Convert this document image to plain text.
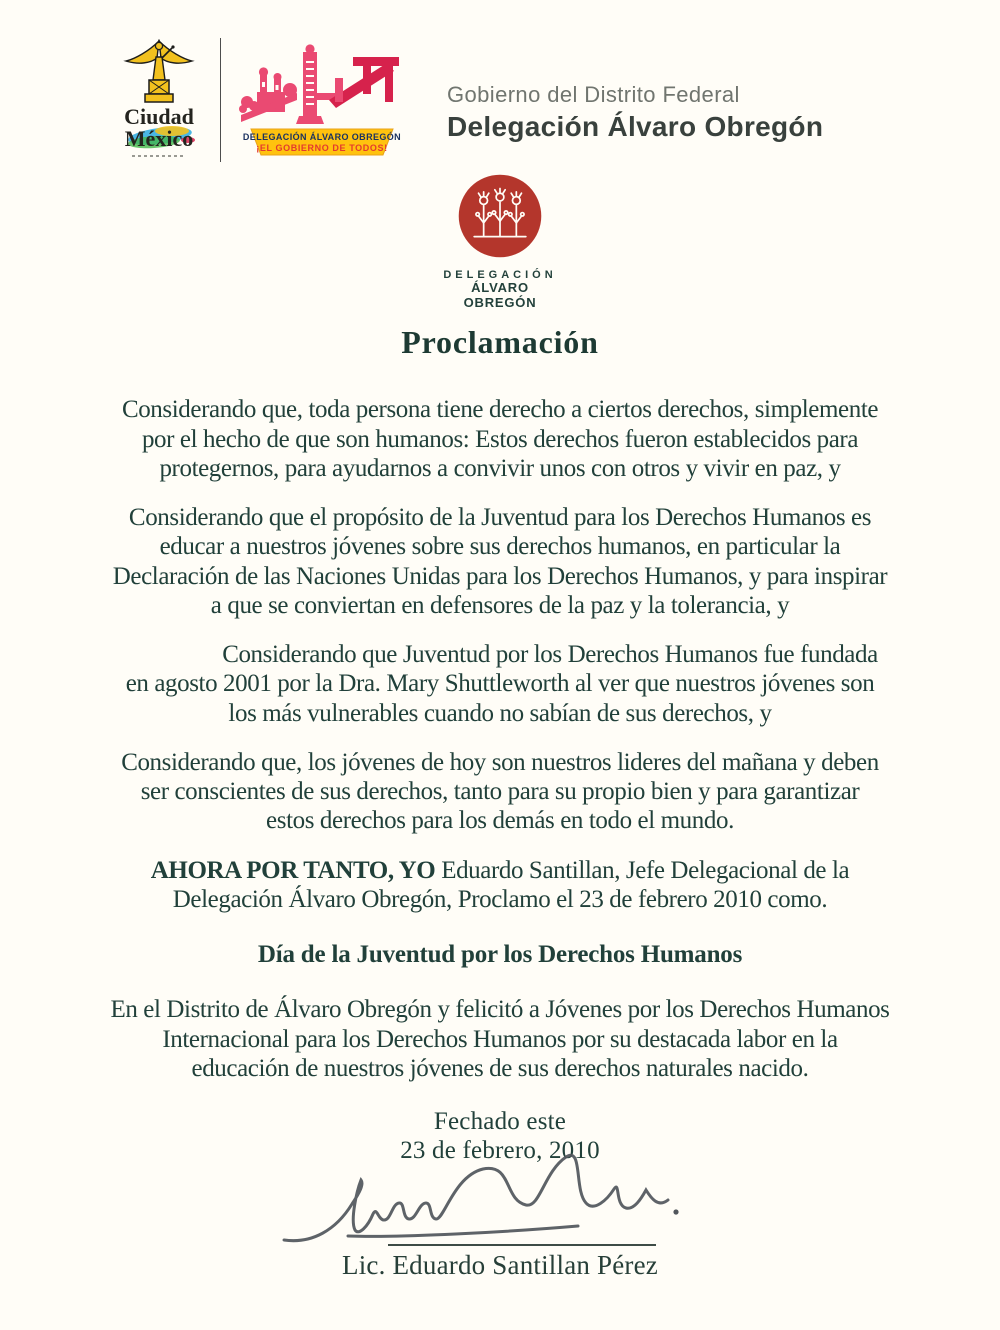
Ciudad
México	DELEGACIÓN ÁLVARO OBREGÓN
¡EL GOBIERNO DE TODOS!
Gobierno del Distrito Federal
Delegación Álvaro Obregón
DELEGACIÓN
ÁLVARO
OBREGÓN
Proclamación

Considerando que, toda persona tiene derecho a ciertos derechos, simplemente
por el hecho de que son humanos: Estos derechos fueron establecidos para
protegernos, para ayudarnos a convivir unos con otros y vivir en paz, y

Considerando que el propósito de la Juventud para los Derechos Humanos es
educar a nuestros jóvenes sobre sus derechos humanos, en particular la
Declaración de las Naciones Unidas para los Derechos Humanos, y para inspirar
a que se conviertan en defensores de la paz y la tolerancia, y

Considerando que Juventud por los Derechos Humanos fue fundada
en agosto 2001 por la Dra. Mary Shuttleworth al ver que nuestros jóvenes son
los más vulnerables cuando no sabían de sus derechos, y

Considerando que, los jóvenes de hoy son nuestros lideres del mañana y deben
ser conscientes de sus derechos, tanto para su propio bien y para garantizar
estos derechos para los demás en todo el mundo.

AHORA POR TANTO, YO Eduardo Santillan, Jefe Delegacional de la
Delegación Álvaro Obregón, Proclamo el 23 de febrero 2010 como.

Día de la Juventud por los Derechos Humanos

En el Distrito de Álvaro Obregón y felicitó a Jóvenes por los Derechos Humanos
Internacional para los Derechos Humanos por su destacada labor en la
educación de nuestros jóvenes de sus derechos naturales nacido.

Fechado este
23 de febrero, 2010
Lic. Eduardo Santillan Pérez
